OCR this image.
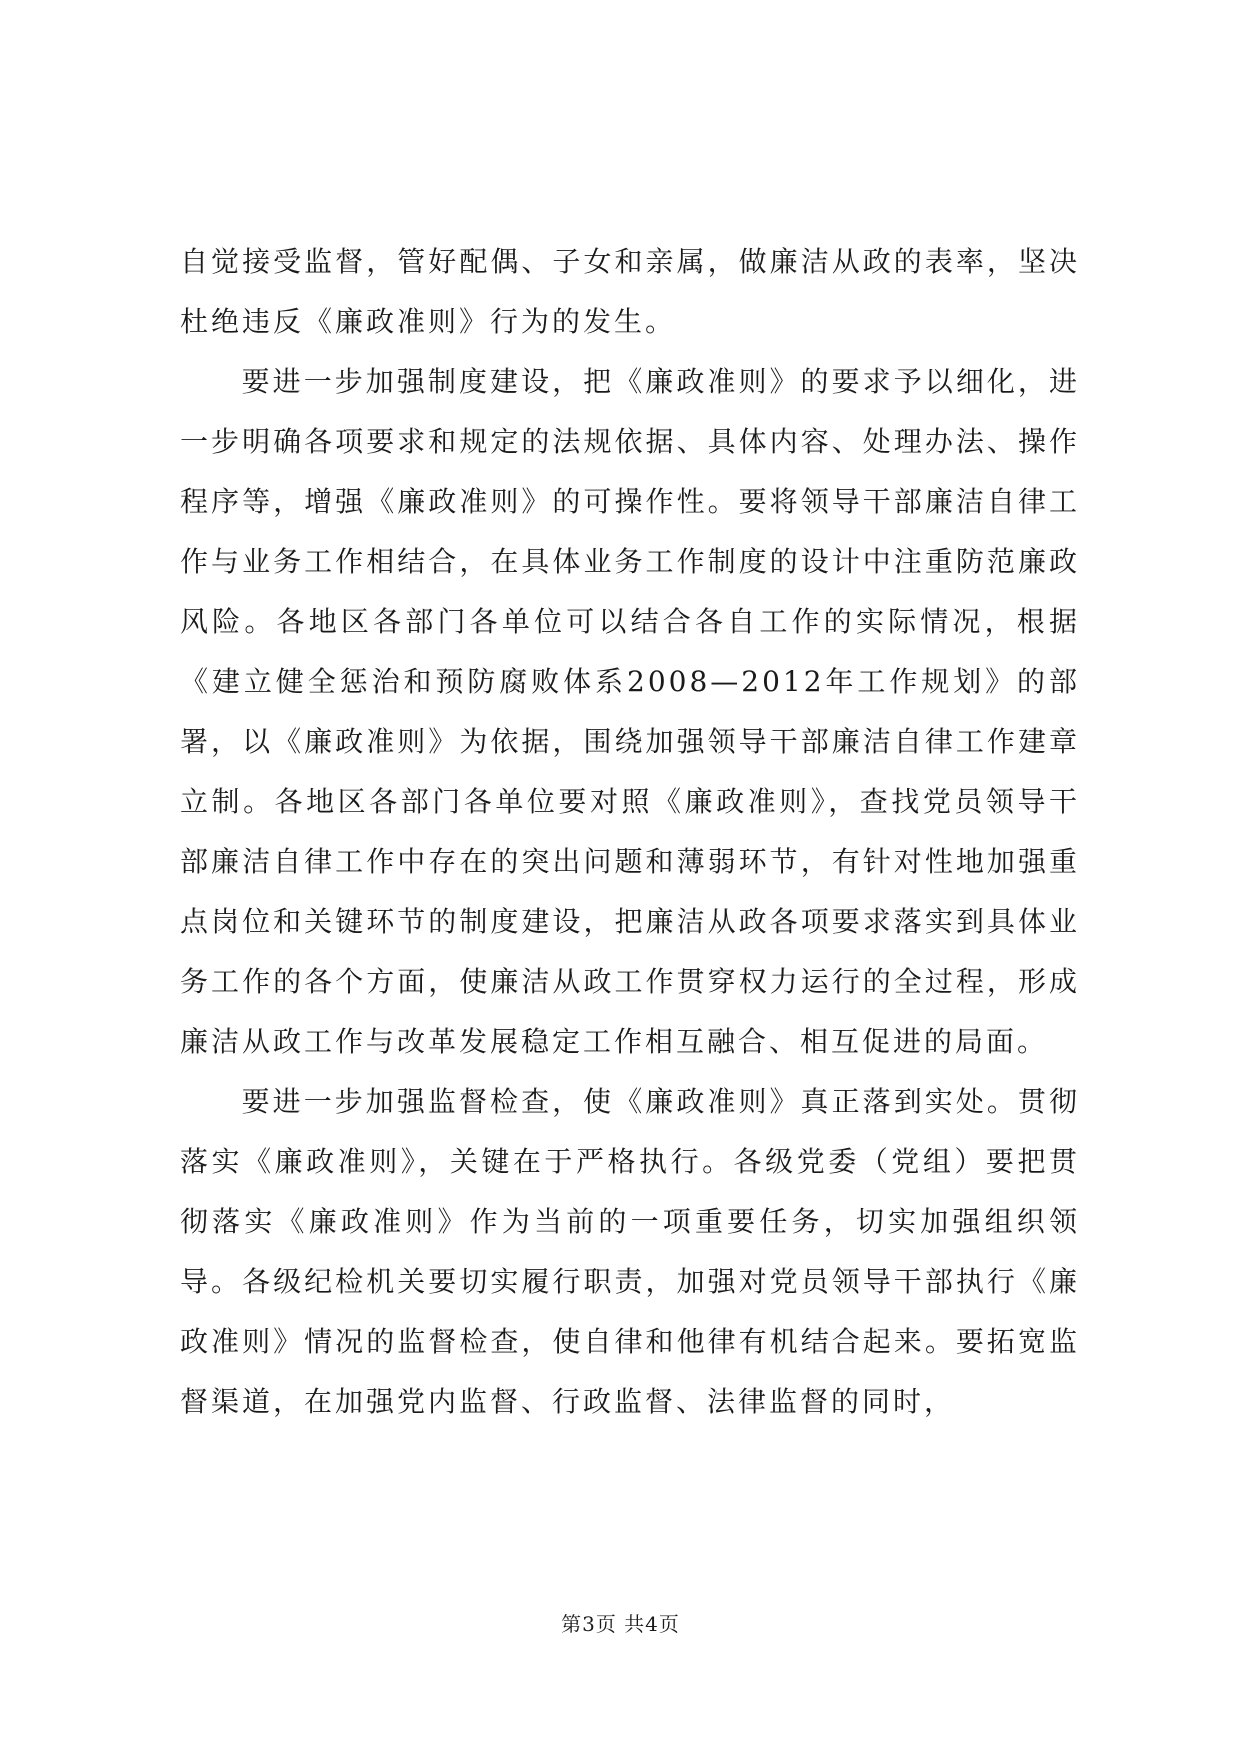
自觉接受监督，管好配偶、子女和亲属，做廉洁从政的表率，坚决杜绝违反《廉政准则》行为的发生。

要进一步加强制度建设，把《廉政准则》的要求予以细化，进一步明确各项要求和规定的法规依据、具体内容、处理办法、操作程序等，增强《廉政准则》的可操作性。要将领导干部廉洁自律工作与业务工作相结合，在具体业务工作制度的设计中注重防范廉政风险。各地区各部门各单位可以结合各自工作的实际情况，根据《建立健全惩治和预防腐败体系2008—2012年工作规划》的部署，以《廉政准则》为依据，围绕加强领导干部廉洁自律工作建章立制。各地区各部门各单位要对照《廉政准则》，查找党员领导干部廉洁自律工作中存在的突出问题和薄弱环节，有针对性地加强重点岗位和关键环节的制度建设，把廉洁从政各项要求落实到具体业务工作的各个方面，使廉洁从政工作贯穿权力运行的全过程，形成廉洁从政工作与改革发展稳定工作相互融合、相互促进的局面。

要进一步加强监督检查，使《廉政准则》真正落到实处。贯彻落实《廉政准则》，关键在于严格执行。各级党委（党组）要把贯彻落实《廉政准则》作为当前的一项重要任务，切实加强组织领导。各级纪检机关要切实履行职责，加强对党员领导干部执行《廉政准则》情况的监督检查，使自律和他律有机结合起来。要拓宽监督渠道，在加强党内监督、行政监督、法律监督的同时，

第3页 共4页
